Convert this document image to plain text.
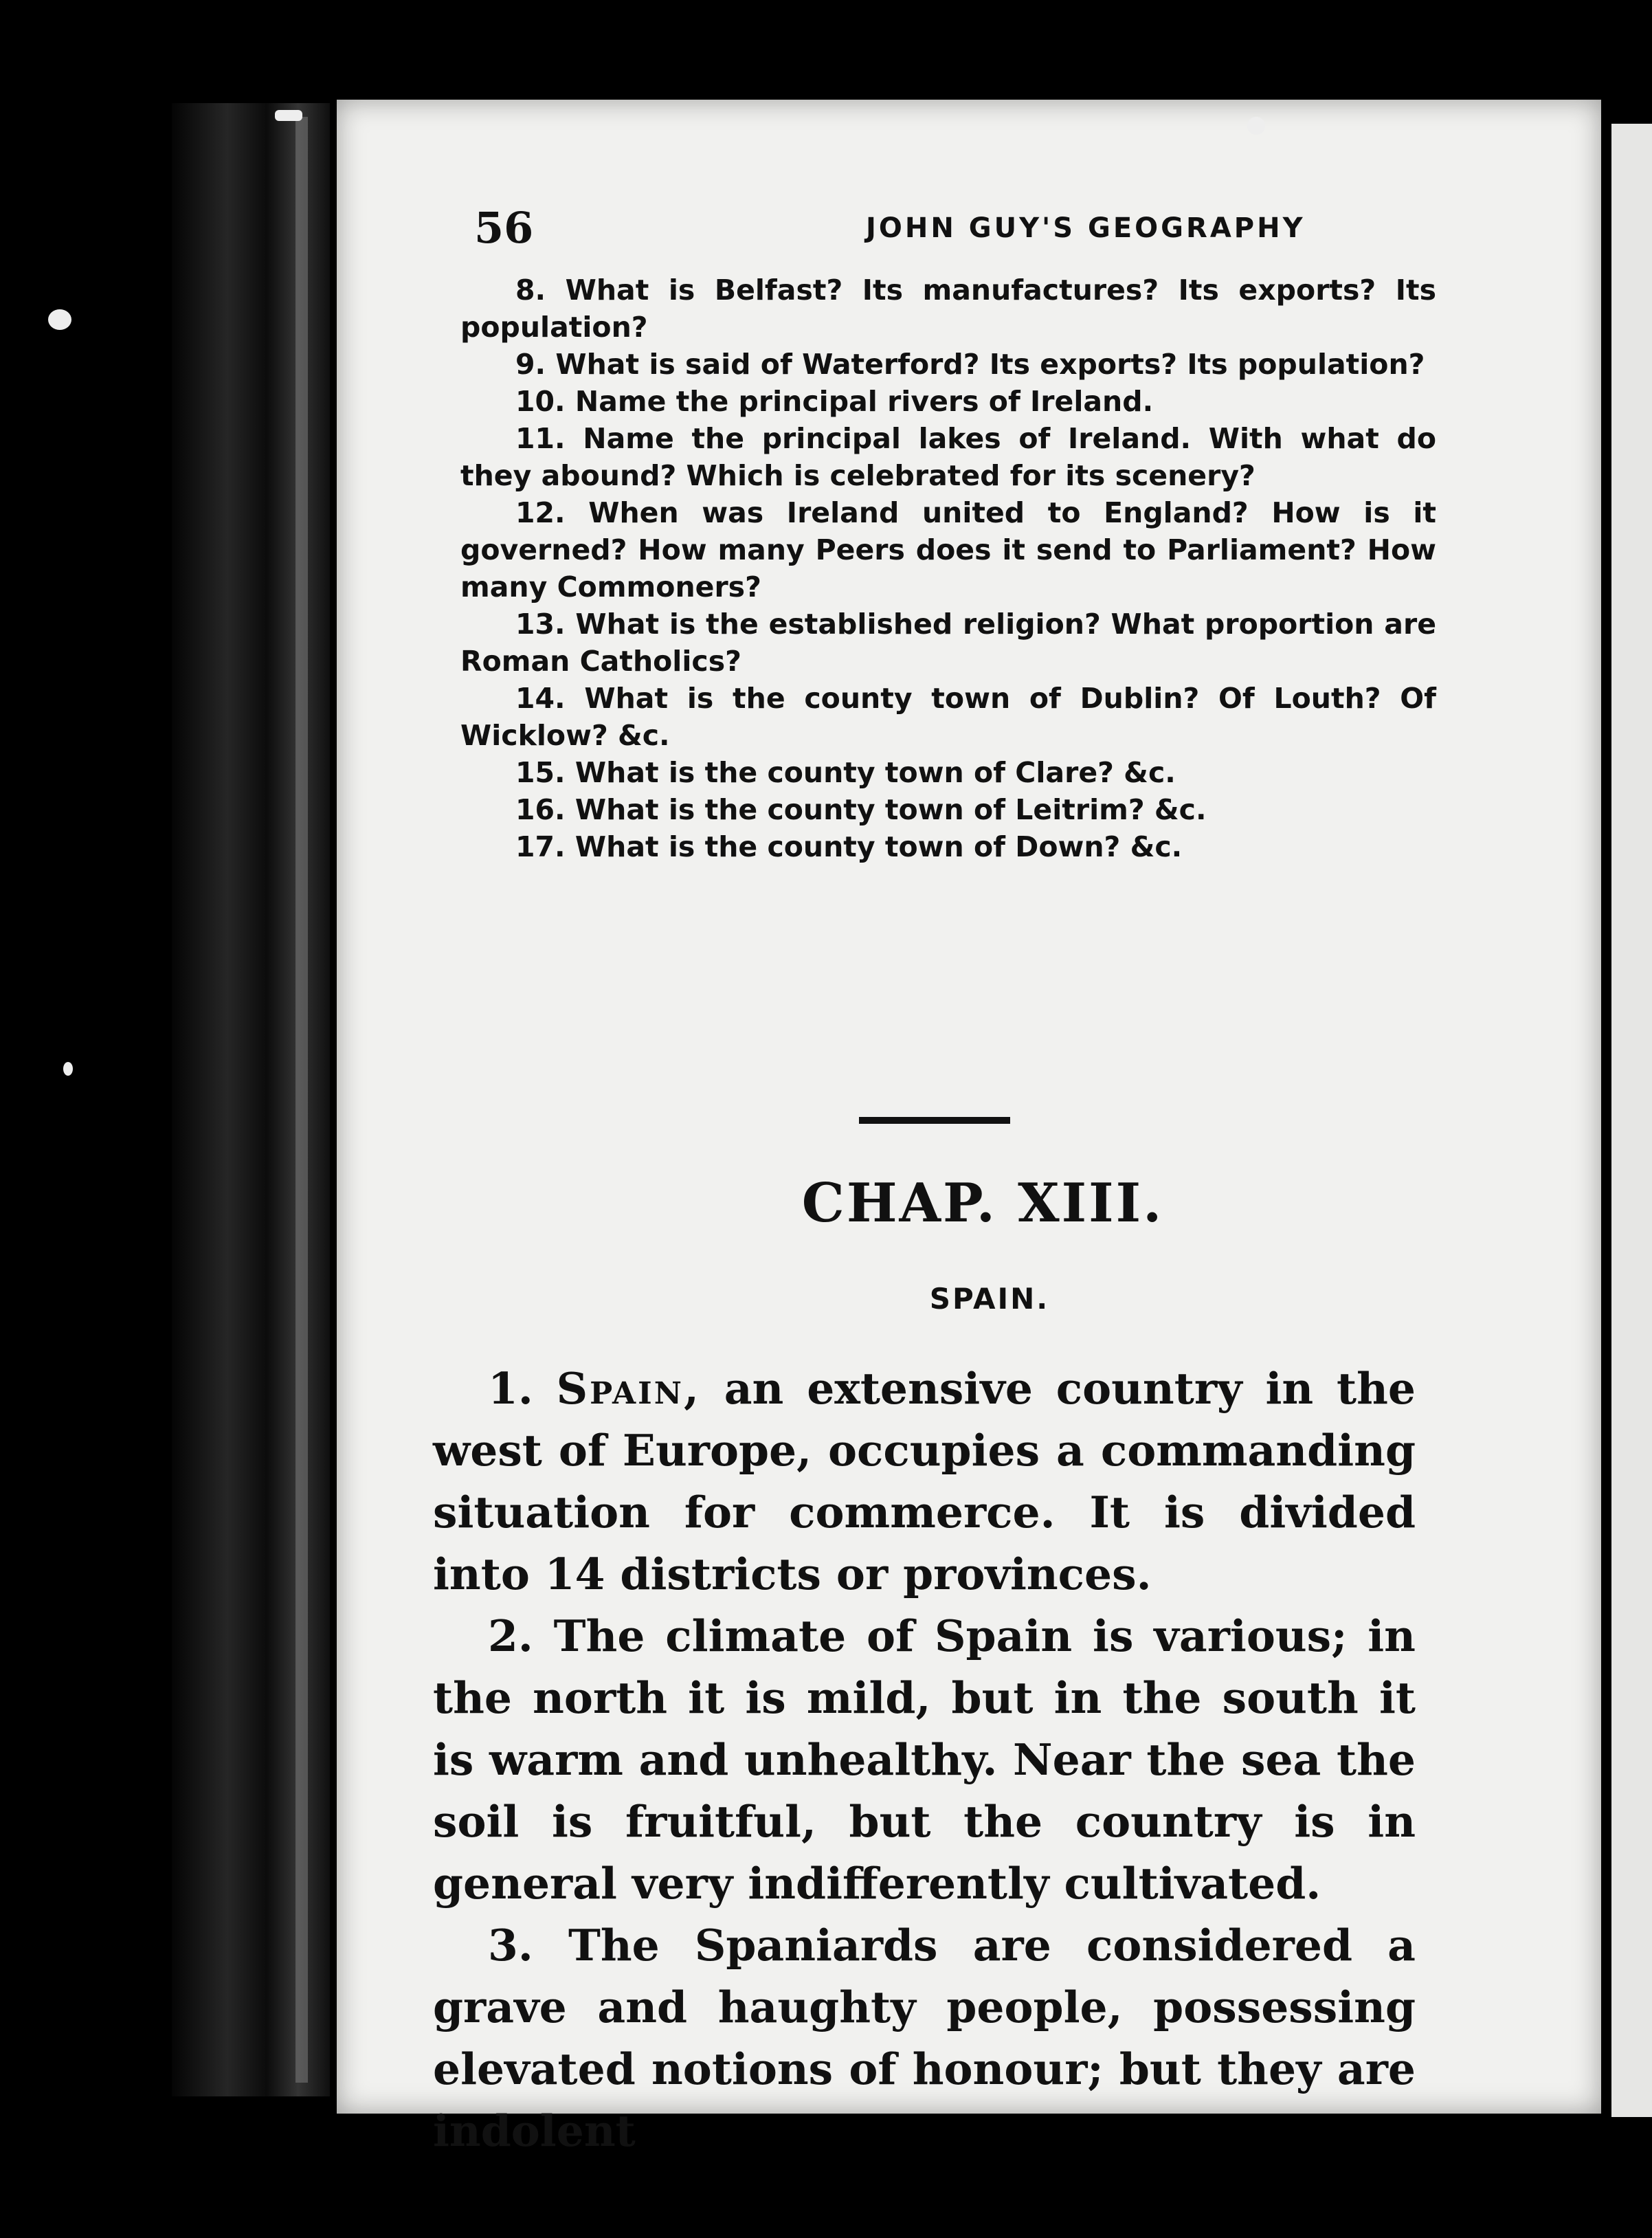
56	JOHN GUY'S GEOGRAPHY

8. What is Belfast? Its manufactures? Its exports? Its population?

9. What is said of Waterford? Its exports? Its population?

10. Name the principal rivers of Ireland.

11. Name the principal lakes of Ireland. With what do they abound? Which is celebrated for its scenery?

12. When was Ireland united to England? How is it governed? How many Peers does it send to Parliament? How many Commoners?

13. What is the established religion? What proportion are Roman Catholics?

14. What is the county town of Dublin? Of Louth? Of Wicklow? &c.

15. What is the county town of Clare? &c.

16. What is the county town of Leitrim? &c.

17. What is the county town of Down? &c.

CHAP. XIII.
SPAIN.

1. Spain, an extensive country in the west of Europe, occupies a commanding situation for commerce. It is divided into 14 districts or provinces.

2. The climate of Spain is various; in the north it is mild, but in the south it is warm and unhealthy. Near the sea the soil is fruitful, but the country is in general very indifferently cultivated.

3. The Spaniards are considered a grave and haughty people, possessing elevated notions of honour; but they are indolent
